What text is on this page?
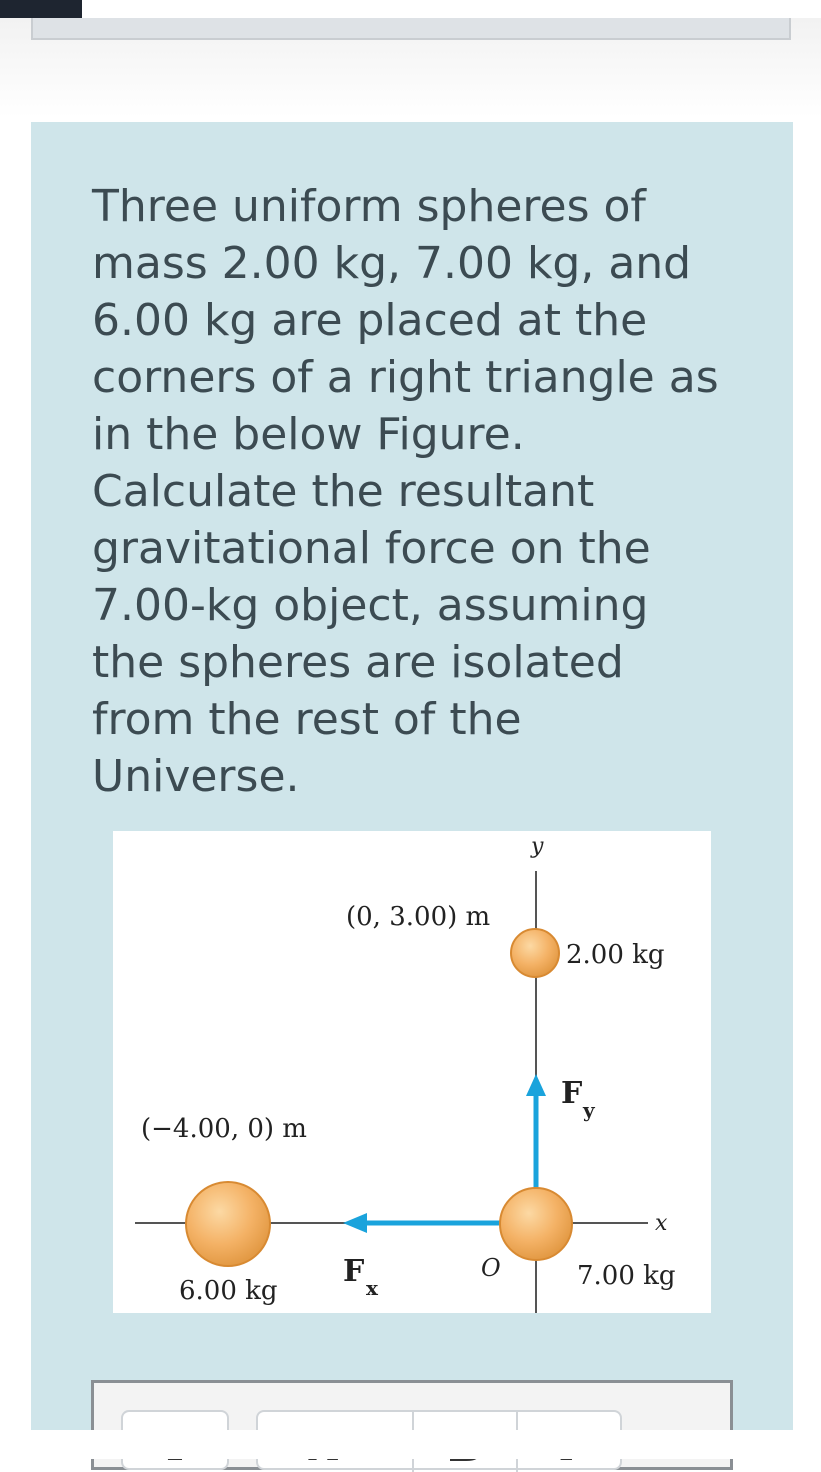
Three uniform spheres of mass 2.00 kg, 7.00 kg, and 6.00 kg are placed at the corners of a right triangle as in the below Figure. Calculate the resultant gravitational force on the 7.00-kg object, assuming the spheres are isolated from the rest of the Universe.

y
x
O
(0, 3.00) m
(−4.00, 0) m
2.00 kg
7.00 kg
6.00 kg
F y
F x
